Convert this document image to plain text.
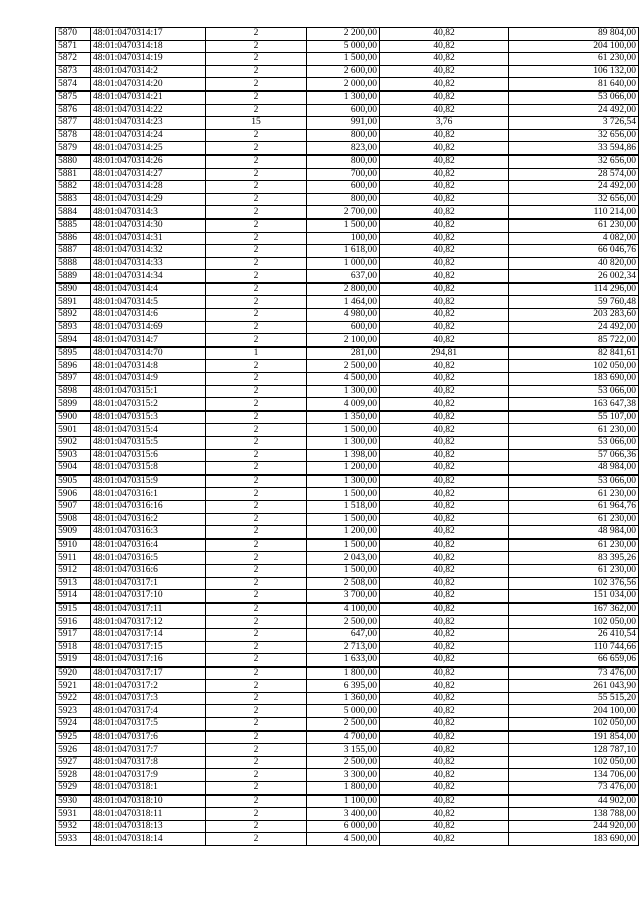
5870	48:01:0470314:17	2	2 200,00	40,82	89 804,00
5871	48:01:0470314:18	2	5 000,00	40,82	204 100,00
5872	48:01:0470314:19	2	1 500,00	40,82	61 230,00
5873	48:01:0470314:2	2	2 600,00	40,82	106 132,00
5874	48:01:0470314:20	2	2 000,00	40,82	81 640,00
5875	48:01:0470314:21	2	1 300,00	40,82	53 066,00
5876	48:01:0470314:22	2	600,00	40,82	24 492,00
5877	48:01:0470314:23	15	991,00	3,76	3 726,54
5878	48:01:0470314:24	2	800,00	40,82	32 656,00
5879	48:01:0470314:25	2	823,00	40,82	33 594,86
5880	48:01:0470314:26	2	800,00	40,82	32 656,00
5881	48:01:0470314:27	2	700,00	40,82	28 574,00
5882	48:01:0470314:28	2	600,00	40,82	24 492,00
5883	48:01:0470314:29	2	800,00	40,82	32 656,00
5884	48:01:0470314:3	2	2 700,00	40,82	110 214,00
5885	48:01:0470314:30	2	1 500,00	40,82	61 230,00
5886	48:01:0470314:31	2	100,00	40,82	4 082,00
5887	48:01:0470314:32	2	1 618,00	40,82	66 046,76
5888	48:01:0470314:33	2	1 000,00	40,82	40 820,00
5889	48:01:0470314:34	2	637,00	40,82	26 002,34
5890	48:01:0470314:4	2	2 800,00	40,82	114 296,00
5891	48:01:0470314:5	2	1 464,00	40,82	59 760,48
5892	48:01:0470314:6	2	4 980,00	40,82	203 283,60
5893	48:01:0470314:69	2	600,00	40,82	24 492,00
5894	48:01:0470314:7	2	2 100,00	40,82	85 722,00
5895	48:01:0470314:70	1	281,00	294,81	82 841,61
5896	48:01:0470314:8	2	2 500,00	40,82	102 050,00
5897	48:01:0470314:9	2	4 500,00	40,82	183 690,00
5898	48:01:0470315:1	2	1 300,00	40,82	53 066,00
5899	48:01:0470315:2	2	4 009,00	40,82	163 647,38
5900	48:01:0470315:3	2	1 350,00	40,82	55 107,00
5901	48:01:0470315:4	2	1 500,00	40,82	61 230,00
5902	48:01:0470315:5	2	1 300,00	40,82	53 066,00
5903	48:01:0470315:6	2	1 398,00	40,82	57 066,36
5904	48:01:0470315:8	2	1 200,00	40,82	48 984,00
5905	48:01:0470315:9	2	1 300,00	40,82	53 066,00
5906	48:01:0470316:1	2	1 500,00	40,82	61 230,00
5907	48:01:0470316:16	2	1 518,00	40,82	61 964,76
5908	48:01:0470316:2	2	1 500,00	40,82	61 230,00
5909	48:01:0470316:3	2	1 200,00	40,82	48 984,00
5910	48:01:0470316:4	2	1 500,00	40,82	61 230,00
5911	48:01:0470316:5	2	2 043,00	40,82	83 395,26
5912	48:01:0470316:6	2	1 500,00	40,82	61 230,00
5913	48:01:0470317:1	2	2 508,00	40,82	102 376,56
5914	48:01:0470317:10	2	3 700,00	40,82	151 034,00
5915	48:01:0470317:11	2	4 100,00	40,82	167 362,00
5916	48:01:0470317:12	2	2 500,00	40,82	102 050,00
5917	48:01:0470317:14	2	647,00	40,82	26 410,54
5918	48:01:0470317:15	2	2 713,00	40,82	110 744,66
5919	48:01:0470317:16	2	1 633,00	40,82	66 659,06
5920	48:01:0470317:17	2	1 800,00	40,82	73 476,00
5921	48:01:0470317:2	2	6 395,00	40,82	261 043,90
5922	48:01:0470317:3	2	1 360,00	40,82	55 515,20
5923	48:01:0470317:4	2	5 000,00	40,82	204 100,00
5924	48:01:0470317:5	2	2 500,00	40,82	102 050,00
5925	48:01:0470317:6	2	4 700,00	40,82	191 854,00
5926	48:01:0470317:7	2	3 155,00	40,82	128 787,10
5927	48:01:0470317:8	2	2 500,00	40,82	102 050,00
5928	48:01:0470317:9	2	3 300,00	40,82	134 706,00
5929	48:01:0470318:1	2	1 800,00	40,82	73 476,00
5930	48:01:0470318:10	2	1 100,00	40,82	44 902,00
5931	48:01:0470318:11	2	3 400,00	40,82	138 788,00
5932	48:01:0470318:13	2	6 000,00	40,82	244 920,00
5933	48:01:0470318:14	2	4 500,00	40,82	183 690,00
